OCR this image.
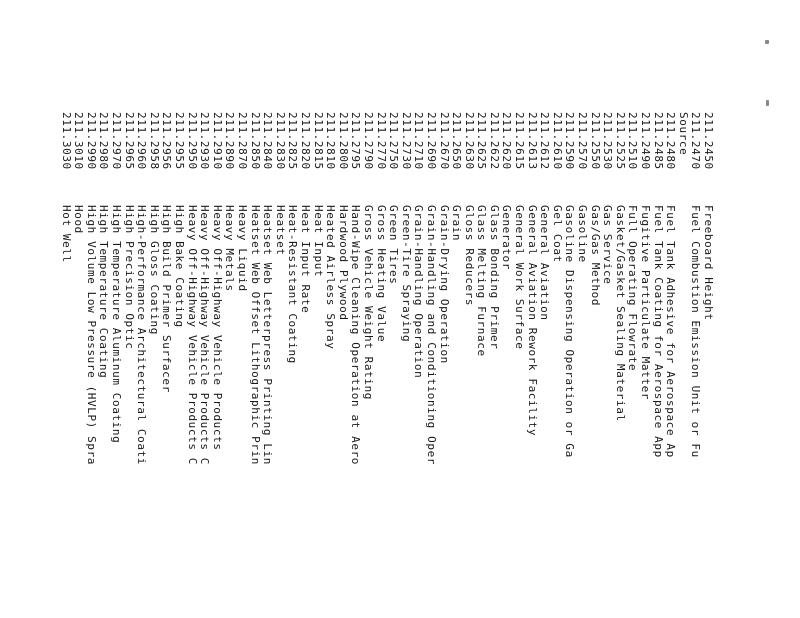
211.2450
Freeboard Height
211.2470
Fuel Combustion Emission Unit or Fu
Source
211.2480
Fuel Tank Adhesive for Aerospace Ap
211.2485
Fuel Tank Coating for Aerospace App
211.2490
Fugitive Particulate Matter
211.2510
Full Operating Flowrate
211.2525
Gasket/Gasket Sealing Material
211.2530
Gas Service
211.2550
Gas/Gas Method
211.2570
Gasoline
211.2590
Gasoline Dispensing Operation or Ga
211.2610
Gel Coat
211.2612
General Aviation
211.2613
General Aviation Rework Facility
211.2615
General Work Surface
211.2620
Generator
211.2622
Glass Bonding Primer
211.2625
Glass Melting Furnace
211.2630
Gloss Reducers
211.2650
Grain
211.2670
Grain-Drying Operation
211.2690
Grain-Handling and Conditioning Oper
211.2710
Grain-Handling Operation
211.2730
Green-Tire Spraying
211.2750
Green Tires
211.2770
Gross Heating Value
211.2790
Gross Vehicle Weight Rating
211.2795
Hand-Wipe Cleaning Operation at Aero
211.2800
Hardwood Plywood
211.2810
Heated Airless Spray
211.2815
Heat Input
211.2820
Heat Input Rate
211.2825
Heat-Resistant Coating
211.2830
Heatset
211.2840
Heatset Web Letterpress Printing Lin
211.2850
Heatset Web Offset Lithographic Prin
211.2870
Heavy Liquid
211.2890
Heavy Metals
211.2910
Heavy Off-Highway Vehicle Products
211.2930
Heavy Off-Highway Vehicle Products C
211.2950
Heavy Off-Highway Vehicle Products C
211.2955
High Bake Coating
211.2956
High Build Primer Surfacer
211.2958
High Gloss Coating
211.2960
High-Performance Architectural Coati
211.2965
High Precision Optic
211.2970
High Temperature Aluminum Coating
211.2980
High Temperature Coating
211.2990
High Volume Low Pressure (HVLP) Spra
211.3010
Hood
211.3030
Hot Well
